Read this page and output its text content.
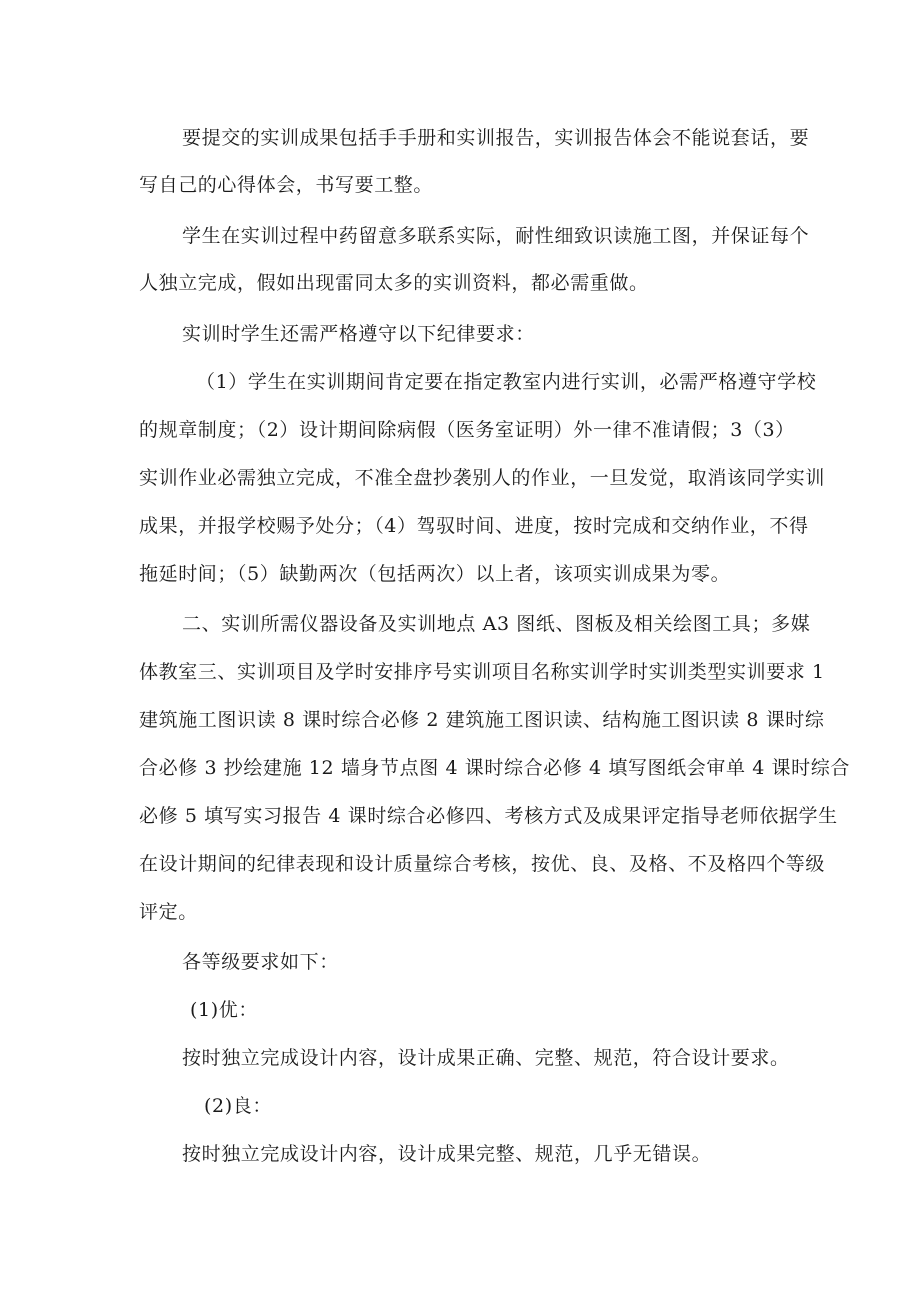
要提交的实训成果包括手手册和实训报告，实训报告体会不能说套话，要
写自己的心得体会，书写要工整。
学生在实训过程中药留意多联系实际，耐性细致识读施工图，并保证每个
人独立完成，假如出现雷同太多的实训资料，都必需重做。
实训时学生还需严格遵守以下纪律要求：
（1）学生在实训期间肯定要在指定教室内进行实训，必需严格遵守学校
的规章制度；（2）设计期间除病假（医务室证明）外一律不准请假；3（3）
实训作业必需独立完成，不准全盘抄袭别人的作业，一旦发觉，取消该同学实训
成果，并报学校赐予处分；（4）驾驭时间、进度，按时完成和交纳作业，不得
拖延时间；（5）缺勤两次（包括两次）以上者，该项实训成果为零。
二、实训所需仪器设备及实训地点 A3 图纸、图板及相关绘图工具；多媒
体教室三、实训项目及学时安排序号实训项目名称实训学时实训类型实训要求 1
建筑施工图识读 8 课时综合必修 2 建筑施工图识读、结构施工图识读 8 课时综
合必修 3 抄绘建施 12 墙身节点图 4 课时综合必修 4 填写图纸会审单 4 课时综合
必修 5 填写实习报告 4 课时综合必修四、考核方式及成果评定指导老师依据学生
在设计期间的纪律表现和设计质量综合考核，按优、良、及格、不及格四个等级
评定。
各等级要求如下：
(1)优：
按时独立完成设计内容，设计成果正确、完整、规范，符合设计要求。
(2)良：
按时独立完成设计内容，设计成果完整、规范，几乎无错误。
